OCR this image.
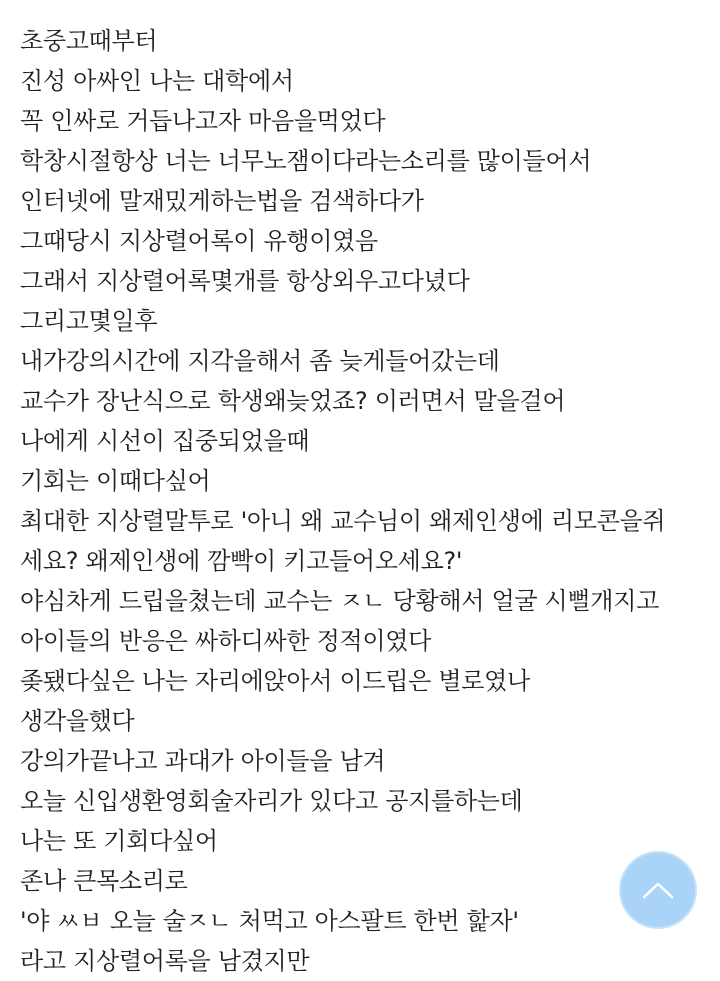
초중고때부터
진성 아싸인 나는 대학에서
꼭 인싸로 거듭나고자 마음을먹었다
학창시절항상 너는 너무노잼이다라는소리를 많이들어서
인터넷에 말재밌게하는법을 검색하다가
그때당시 지상렬어록이 유행이였음
그래서 지상렬어록몇개를 항상외우고다녔다
그리고몇일후
내가강의시간에 지각을해서 좀 늦게들어갔는데
교수가 장난식으로 학생왜늦었죠? 이러면서 말을걸어
나에게 시선이 집중되었을때
기회는 이때다싶어
최대한 지상렬말투로 '아니 왜 교수님이 왜제인생에 리모콘을쥐
세요? 왜제인생에 깜빡이 키고들어오세요?'
야심차게 드립을쳤는데 교수는 ㅈㄴ 당황해서 얼굴 시뻘개지고
아이들의 반응은 싸하디싸한 정적이였다
좆됐다싶은 나는 자리에앉아서 이드립은 별로였나
생각을했다
강의가끝나고 과대가 아이들을 남겨
오늘 신입생환영회술자리가 있다고 공지를하는데
나는 또 기회다싶어
존나 큰목소리로
'야 ㅆㅂ 오늘 술ㅈㄴ 처먹고 아스팔트 한번 핥자'
라고 지상렬어록을 남겼지만
